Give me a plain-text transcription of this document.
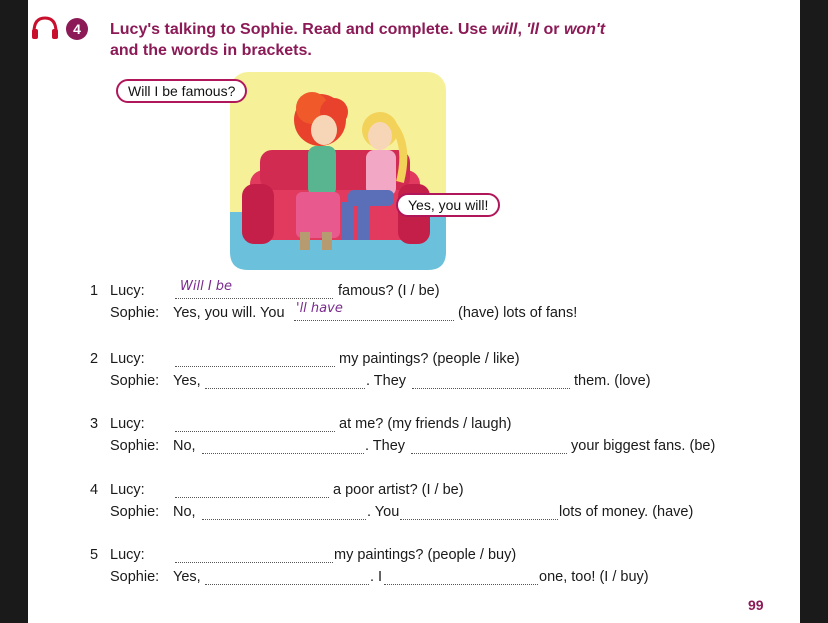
4	Lucy's talking to Sophie. Read and complete. Use will, 'll or won't
and the words in brackets.
Will I be famous?
Yes, you will!
1 Lucy:	Will I be	famous? (I / be)
Sophie: Yes, you will. You 'll have	(have) lots of fans!
2 Lucy:	my paintings? (people / like)
Sophie: Yes,	. They	them. (love)
3 Lucy:	at me? (my friends / laugh)
Sophie: No,	. They	your biggest fans. (be)
4 Lucy:	a poor artist? (I / be)
Sophie: No,	. You	lots of money. (have)
5 Lucy:	my paintings? (people / buy)
Sophie: Yes,	. I	one, too! (I / buy)
99
